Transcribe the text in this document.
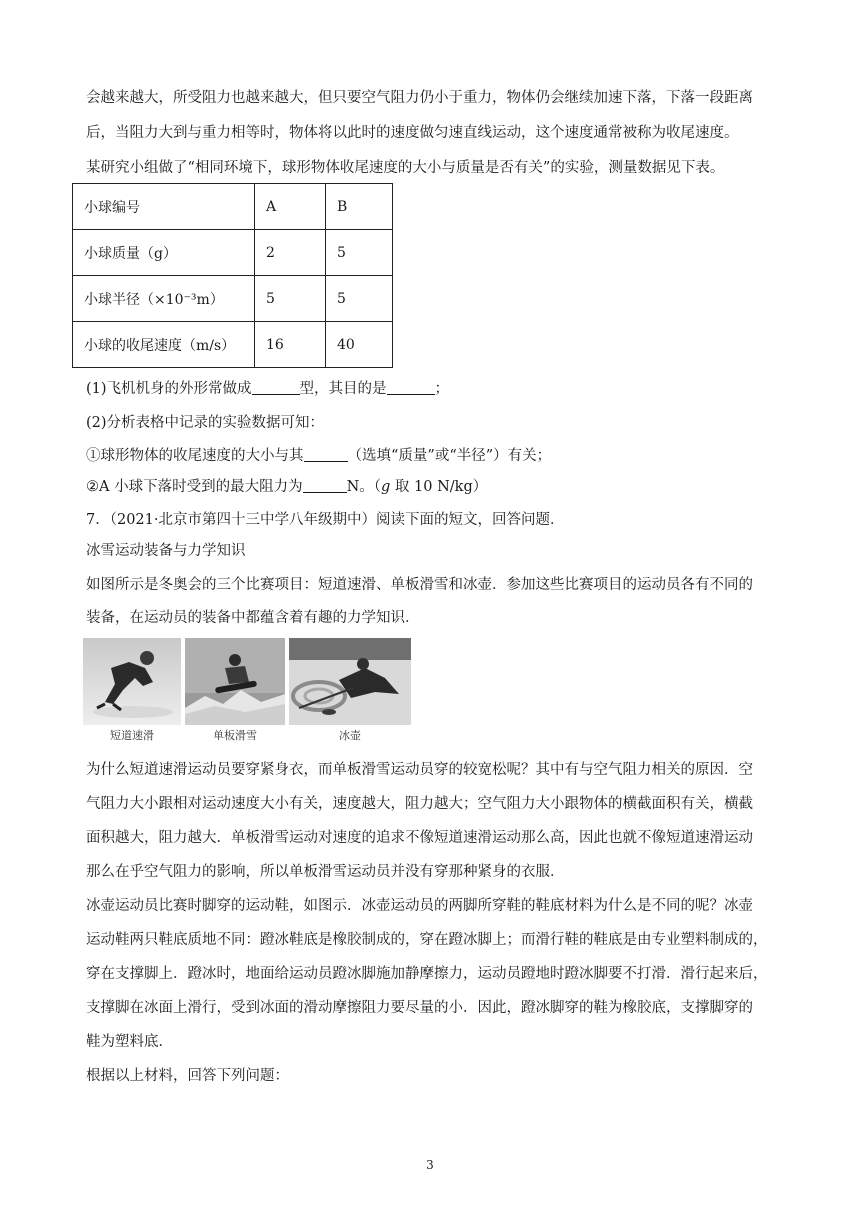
会越来越大，所受阻力也越来越大，但只要空气阻力仍小于重力，物体仍会继续加速下落，下落一段距离
后，当阻力大到与重力相等时，物体将以此时的速度做匀速直线运动，这个速度通常被称为收尾速度。
某研究小组做了“相同环境下，球形物体收尾速度的大小与质量是否有关”的实验，测量数据见下表。
小球编号	A	B
小球质量（g）	2	5
小球半径（×10⁻³m）	5	5
小球的收尾速度（m/s）	16	40
(1)飞机机身的外形常做成	型，其目的是	；
(2)分析表格中记录的实验数据可知：
①球形物体的收尾速度的大小与其	（选填“质量”或“半径”）有关；
②A 小球下落时受到的最大阻力为	N。（g 取 10 N/kg）
7．（2021·北京市第四十三中学八年级期中）阅读下面的短文，回答问题．
冰雪运动装备与力学知识
如图所示是冬奥会的三个比赛项目：短道速滑、单板滑雪和冰壶．参加这些比赛项目的运动员各有不同的
装备，在运动员的装备中都蕴含着有趣的力学知识．
短道速滑	单板滑雪	冰壶
为什么短道速滑运动员要穿紧身衣，而单板滑雪运动员穿的较宽松呢？其中有与空气阻力相关的原因．空
气阻力大小跟相对运动速度大小有关，速度越大，阻力越大；空气阻力大小跟物体的横截面积有关，横截
面积越大，阻力越大．单板滑雪运动对速度的追求不像短道速滑运动那么高，因此也就不像短道速滑运动
那么在乎空气阻力的影响，所以单板滑雪运动员并没有穿那种紧身的衣服．
冰壶运动员比赛时脚穿的运动鞋，如图示．冰壶运动员的两脚所穿鞋的鞋底材料为什么是不同的呢？冰壶
运动鞋两只鞋底质地不同：蹬冰鞋底是橡胶制成的，穿在蹬冰脚上；而滑行鞋的鞋底是由专业塑料制成的，
穿在支撑脚上．蹬冰时，地面给运动员蹬冰脚施加静摩擦力，运动员蹬地时蹬冰脚要不打滑．滑行起来后，
支撑脚在冰面上滑行，受到冰面的滑动摩擦阻力要尽量的小．因此，蹬冰脚穿的鞋为橡胶底，支撑脚穿的
鞋为塑料底．
根据以上材料，回答下列问题：
3
